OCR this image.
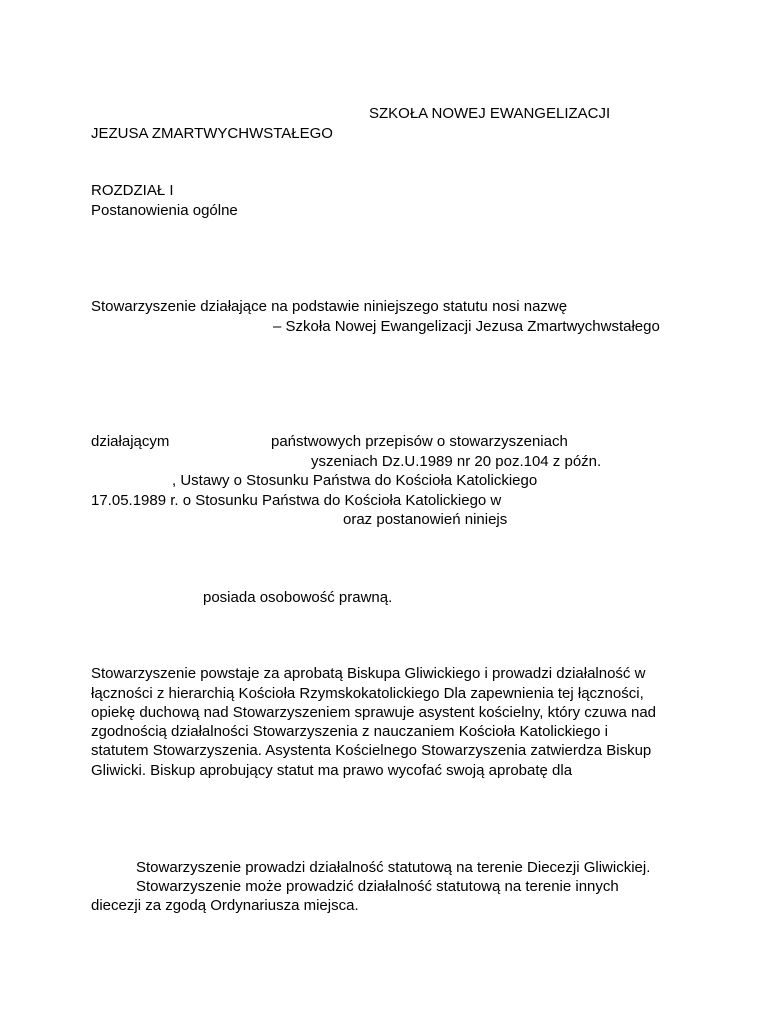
SZKOŁA NOWEJ EWANGELIZACJI
JEZUSA ZMARTWYCHWSTAŁEGO
ROZDZIAŁ I
Postanowienia ogólne
Stowarzyszenie działające na podstawie niniejszego statutu nosi nazwę
– Szkoła Nowej Ewangelizacji Jezusa Zmartwychwstałego
działającym	państwowych przepisów o stowarzyszeniach
yszeniach Dz.U.1989 nr 20 poz.104 z późn.
, Ustawy o Stosunku Państwa do Kościoła Katolickiego
17.05.1989 r. o Stosunku Państwa do Kościoła Katolickiego w
oraz postanowień niniejs
posiada osobowość prawną.
Stowarzyszenie powstaje za aprobatą Biskupa Gliwickiego i prowadzi działalność w
łączności z hierarchią Kościoła Rzymskokatolickiego Dla zapewnienia tej łączności,
opiekę duchową nad Stowarzyszeniem sprawuje asystent kościelny, który czuwa nad
zgodnością działalności Stowarzyszenia z nauczaniem Kościoła Katolickiego i
statutem Stowarzyszenia. Asystenta Kościelnego Stowarzyszenia zatwierdza Biskup
Gliwicki. Biskup aprobujący statut ma prawo wycofać swoją aprobatę dla
Stowarzyszenie prowadzi działalność statutową na terenie Diecezji Gliwickiej.
Stowarzyszenie może prowadzić działalność statutową na terenie innych
diecezji za zgodą Ordynariusza miejsca.
